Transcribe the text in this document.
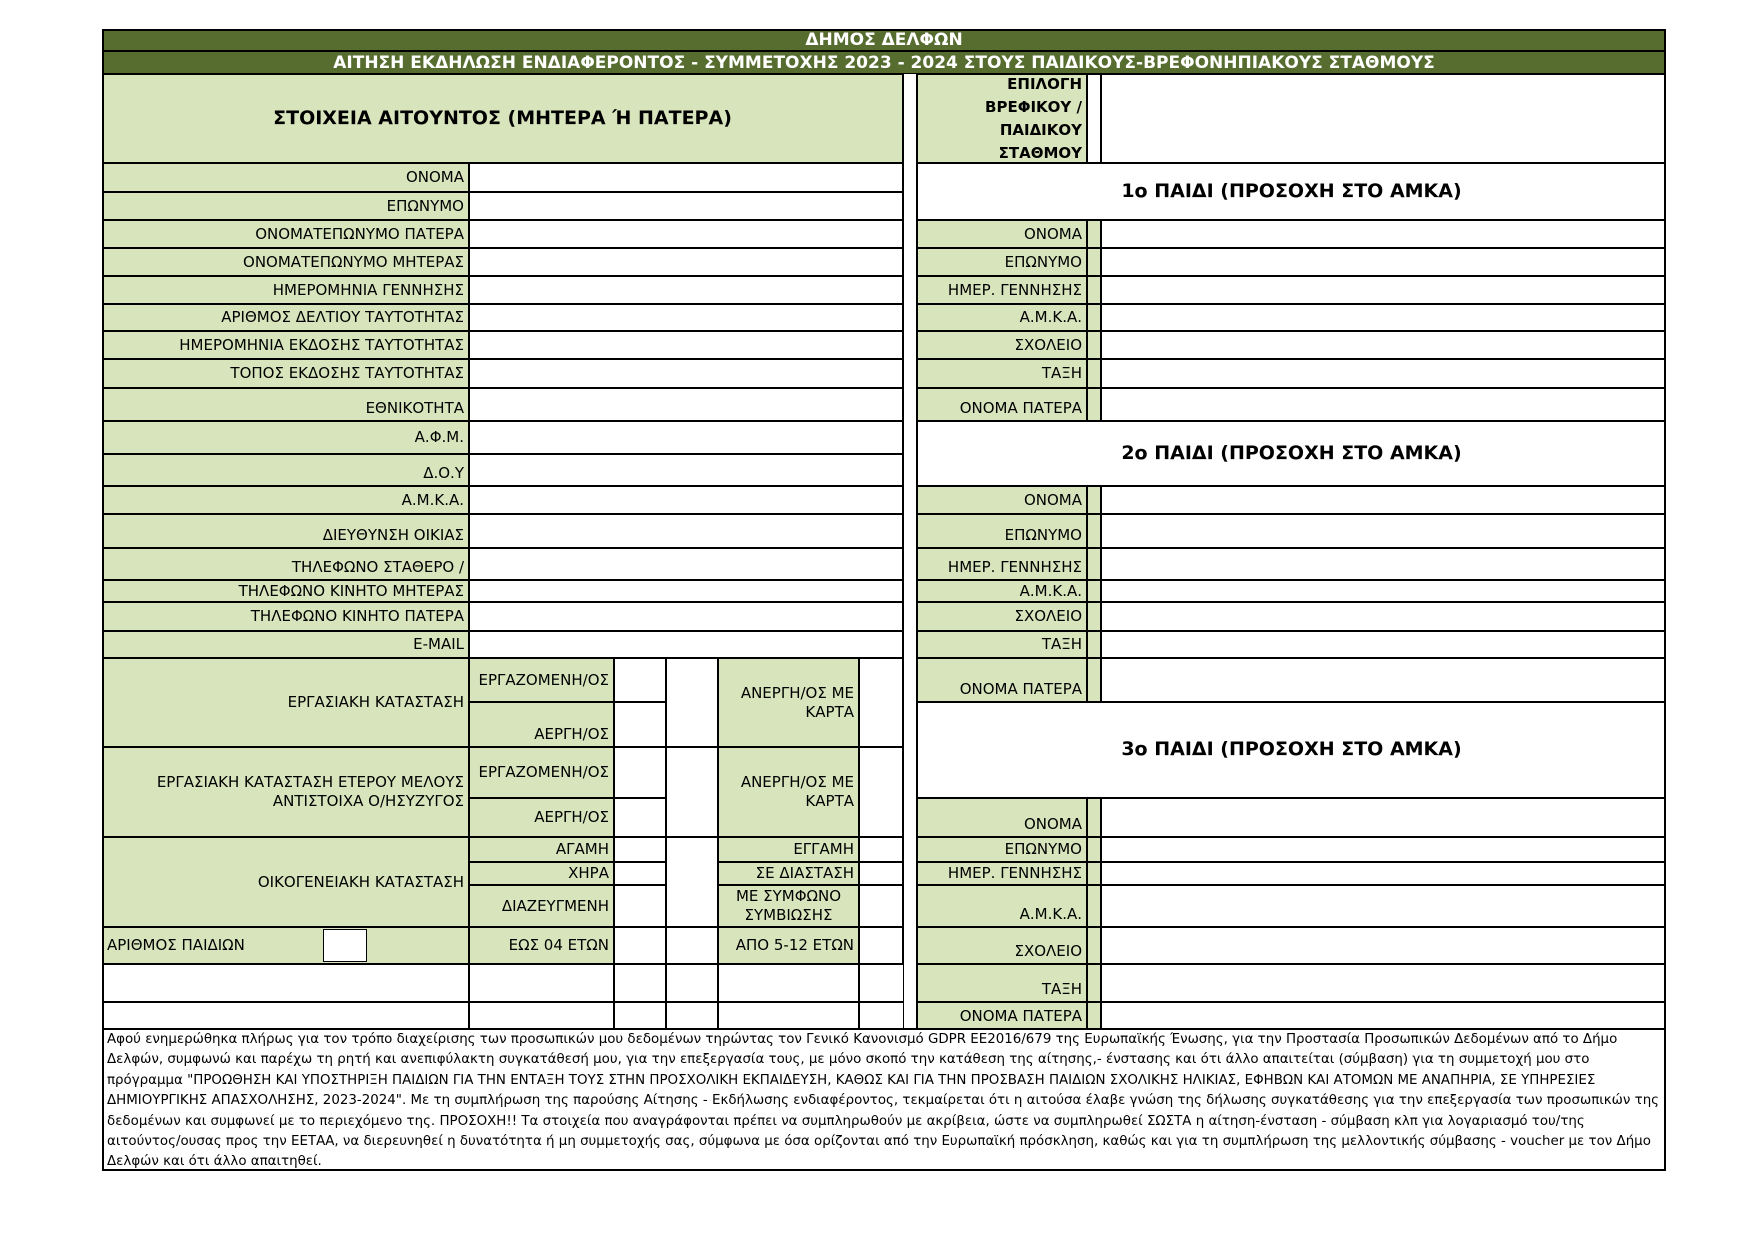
ΔΗΜΟΣ ΔΕΛΦΩΝ
ΑΙΤΗΣΗ ΕΚΔΗΛΩΣΗ ΕΝΔΙΑΦΕΡΟΝΤΟΣ - ΣΥΜΜΕΤΟΧΗΣ 2023 - 2024 ΣΤΟΥΣ ΠΑΙΔΙΚΟΥΣ-ΒΡΕΦΟΝΗΠΙΑΚΟΥΣ ΣΤΑΘΜΟΥΣ
ΣΤΟΙΧΕΙΑ ΑΙΤΟΥΝΤΟΣ (ΜΗΤΕΡΑ Ή ΠΑΤΕΡΑ)
ΟΝΟΜΑ
ΕΠΩΝΥΜΟ
ΟΝΟΜΑΤΕΠΩΝΥΜΟ ΠΑΤΕΡΑ
ΟΝΟΜΑΤΕΠΩΝΥΜΟ ΜΗΤΕΡΑΣ
ΗΜΕΡΟΜΗΝΙΑ ΓΕΝΝΗΣΗΣ
ΑΡΙΘΜΟΣ ΔΕΛΤΙΟΥ ΤΑΥΤΟΤΗΤΑΣ
ΗΜΕΡΟΜΗΝΙΑ ΕΚΔΟΣΗΣ ΤΑΥΤΟΤΗΤΑΣ
ΤΟΠΟΣ ΕΚΔΟΣΗΣ ΤΑΥΤΟΤΗΤΑΣ
ΕΘΝΙΚΟΤΗΤΑ
Α.Φ.Μ.
Δ.Ο.Υ
Α.Μ.Κ.Α.
ΔΙΕΥΘΥΝΣΗ ΟΙΚΙΑΣ
ΤΗΛΕΦΩΝΟ ΣΤΑΘΕΡΟ /
ΤΗΛΕΦΩΝΟ ΚΙΝΗΤΟ ΜΗΤΕΡΑΣ
ΤΗΛΕΦΩΝΟ ΚΙΝΗΤΟ ΠΑΤΕΡΑ
E-MAIL
ΕΡΓΑΣΙΑΚΗ ΚΑΤΑΣΤΑΣΗ
ΕΡΓΑΖΟΜΕΝΗ/ΟΣ
ΑΕΡΓΗ/ΟΣ
ΑΝΕΡΓΗ/ΟΣ ΜΕ ΚΑΡΤΑ
ΕΡΓΑΣΙΑΚΗ ΚΑΤΑΣΤΑΣΗ ΕΤΕΡΟΥ ΜΕΛΟΥΣ ΑΝΤΙΣΤΟΙΧΑ Ο/ΗΣΥΖΥΓΟΣ
ΕΡΓΑΖΟΜΕΝΗ/ΟΣ
ΑΕΡΓΗ/ΟΣ
ΑΝΕΡΓΗ/ΟΣ ΜΕ ΚΑΡΤΑ
ΟΙΚΟΓΕΝΕΙΑΚΗ ΚΑΤΑΣΤΑΣΗ
ΑΓΑΜΗ
ΧΗΡΑ
ΔΙΑΖΕΥΓΜΕΝΗ
ΕΓΓΑΜΗ
ΣΕ ΔΙΑΣΤΑΣΗ
ΜΕ ΣΥΜΦΩΝΟ ΣΥΜΒΙΩΣΗΣ
ΑΡΙΘΜΟΣ ΠΑΙΔΙΩΝ	ΕΩΣ 04 ΕΤΩΝ	ΑΠΟ 5-12 ΕΤΩΝ
ΕΠΙΛΟΓΗ ΒΡΕΦΙΚΟΥ / ΠΑΙΔΙΚΟΥ ΣΤΑΘΜΟΥ
1ο ΠΑΙΔΙ (ΠΡΟΣΟΧΗ ΣΤΟ ΑΜΚΑ)
ΟΝΟΜΑ
ΕΠΩΝΥΜΟ
ΗΜΕΡ. ΓΕΝΝΗΣΗΣ
Α.Μ.Κ.Α.
ΣΧΟΛΕΙΟ
ΤΑΞΗ
ΟΝΟΜΑ ΠΑΤΕΡΑ
2ο ΠΑΙΔΙ (ΠΡΟΣΟΧΗ ΣΤΟ ΑΜΚΑ)
ΟΝΟΜΑ
ΕΠΩΝΥΜΟ
ΗΜΕΡ. ΓΕΝΝΗΣΗΣ
Α.Μ.Κ.Α.
ΣΧΟΛΕΙΟ
ΤΑΞΗ
ΟΝΟΜΑ ΠΑΤΕΡΑ
3ο ΠΑΙΔΙ (ΠΡΟΣΟΧΗ ΣΤΟ ΑΜΚΑ)
ΟΝΟΜΑ
ΕΠΩΝΥΜΟ
ΗΜΕΡ. ΓΕΝΝΗΣΗΣ
Α.Μ.Κ.Α.
ΣΧΟΛΕΙΟ
ΤΑΞΗ
ΟΝΟΜΑ ΠΑΤΕΡΑ
Αφού ενημερώθηκα πλήρως για τον τρόπο διαχείρισης των προσωπικών μου δεδομένων τηρώντας τον Γενικό Κανονισμό GDPR ΕΕ2016/679 της Ευρωπαϊκής Ένωσης, για την Προστασία Προσωπικών Δεδομένων από το Δήμο Δελφών, συμφωνώ και παρέχω τη ρητή και ανεπιφύλακτη συγκατάθεσή μου, για την επεξεργασία τους, με μόνο σκοπό την κατάθεση της αίτησης,- ένστασης και ότι άλλο απαιτείται (σύμβαση) για τη συμμετοχή μου στο πρόγραμμα "ΠΡΟΩΘΗΣΗ ΚΑΙ ΥΠΟΣΤΗΡΙΞΗ ΠΑΙΔΙΩΝ ΓΙΑ ΤΗΝ ΕΝΤΑΞΗ ΤΟΥΣ ΣΤΗΝ ΠΡΟΣΧΟΛΙΚΗ ΕΚΠΑΙΔΕΥΣΗ, ΚΑΘΩΣ ΚΑΙ ΓΙΑ ΤΗΝ ΠΡΟΣΒΑΣΗ ΠΑΙΔΙΩΝ ΣΧΟΛΙΚΗΣ ΗΛΙΚΙΑΣ, ΕΦΗΒΩΝ ΚΑΙ ΑΤΟΜΩΝ ΜΕ ΑΝΑΠΗΡΙΑ, ΣΕ ΥΠΗΡΕΣΙΕΣ ΔΗΜΙΟΥΡΓΙΚΗΣ ΑΠΑΣΧΟΛΗΣΗΣ, 2023-2024". Με τη συμπλήρωση της παρούσης Αίτησης - Εκδήλωσης ενδιαφέροντος, τεκμαίρεται ότι η αιτούσα έλαβε γνώση της δήλωσης συγκατάθεσης για την επεξεργασία των προσωπικών της δεδομένων και συμφωνεί με το περιεχόμενο της. ΠΡΟΣΟΧΗ!! Τα στοιχεία που αναγράφονται πρέπει να συμπληρωθούν με ακρίβεια, ώστε να συμπληρωθεί ΣΩΣΤΑ η αίτηση-ένσταση - σύμβαση κλπ για λογαριασμό του/της αιτούντος/ουσας προς την ΕΕΤΑΑ, να διερευνηθεί η δυνατότητα ή μη συμμετοχής σας, σύμφωνα με όσα ορίζονται από την Ευρωπαϊκή πρόσκληση, καθώς και για τη συμπλήρωση της μελλοντικής σύμβασης - voucher με τον Δήμο Δελφών και ότι άλλο απαιτηθεί.
